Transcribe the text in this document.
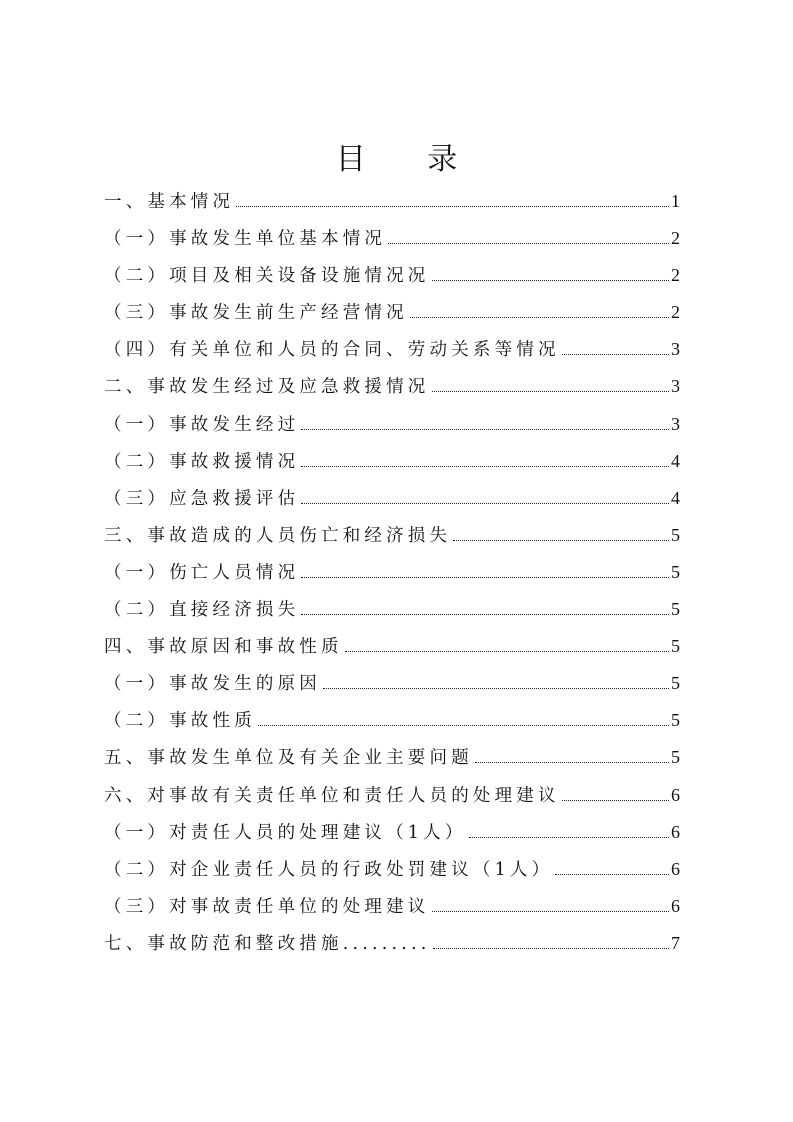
目 录
一、基本情况	1
（一）事故发生单位基本情况	2
（二）项目及相关设备设施情况况	2
（三）事故发生前生产经营情况	2
（四）有关单位和人员的合同、劳动关系等情况	3
二、事故发生经过及应急救援情况	3
（一）事故发生经过	3
（二）事故救援情况	4
（三）应急救援评估	4
三、事故造成的人员伤亡和经济损失	5
（一）伤亡人员情况	5
（二）直接经济损失	5
四、事故原因和事故性质	5
（一）事故发生的原因	5
（二）事故性质	5
五、事故发生单位及有关企业主要问题	5
六、对事故有关责任单位和责任人员的处理建议	6
（一）对责任人员的处理建议（1人）	6
（二）对企业责任人员的行政处罚建议（1人）	6
（三）对事故责任单位的处理建议	6
七、事故防范和整改措施.........	7
